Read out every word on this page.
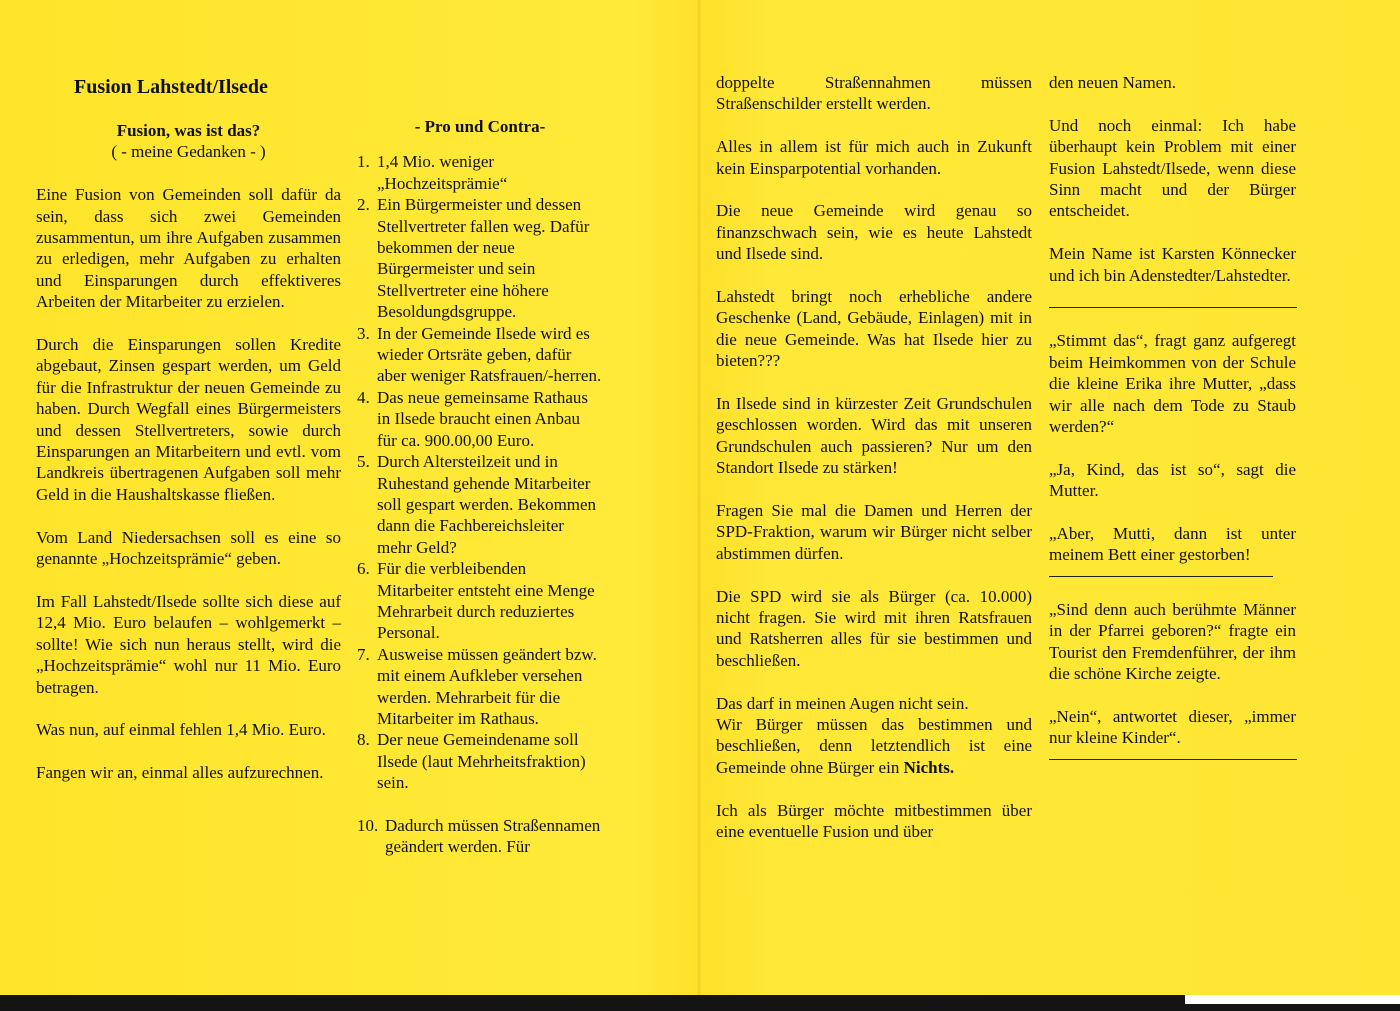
Fusion Lahstedt/Ilsede
Fusion, was ist das?
( - meine Gedanken - )

Eine Fusion von Gemeinden soll dafür da sein, dass sich zwei Gemeinden zusammentun, um ihre Aufgaben zusammen zu erledigen, mehr Aufgaben zu erhalten und Einsparungen durch effektiveres Arbeiten der Mitarbeiter zu erzielen.

Durch die Einsparungen sollen Kredite abgebaut, Zinsen gespart werden, um Geld für die Infrastruktur der neuen Gemeinde zu haben. Durch Wegfall eines Bürgermeisters und dessen Stellvertreters, sowie durch Einsparungen an Mitarbeitern und evtl. vom Landkreis übertragenen Aufgaben soll mehr Geld in die Haushaltskasse fließen.

Vom Land Niedersachsen soll es eine so genannte „Hochzeitsprämie“ geben.

Im Fall Lahstedt/Ilsede sollte sich diese auf 12,4 Mio. Euro belaufen – wohlgemerkt – sollte! Wie sich nun heraus stellt, wird die „Hochzeitsprämie“ wohl nur 11 Mio. Euro betragen.

Was nun, auf einmal fehlen 1,4 Mio. Euro.

Fangen wir an, einmal alles aufzurechnen.

- Pro und Contra-
1. 1,4 Mio. weniger „Hochzeitsprämie“
2. Ein Bürgermeister und dessen Stellvertreter fallen weg. Dafür bekommen der neue Bürgermeister und sein Stellvertreter eine höhere Besoldungdsgruppe.
3. In der Gemeinde Ilsede wird es wieder Ortsräte geben, dafür aber weniger Ratsfrauen/-herren.
4. Das neue gemeinsame Rathaus in Ilsede braucht einen Anbau für ca. 900.00,00 Euro.
5. Durch Altersteilzeit und in Ruhestand gehende Mitarbeiter soll gespart werden. Bekommen dann die Fachbereichsleiter mehr Geld?
6. Für die verbleibenden Mitarbeiter entsteht eine Menge Mehrarbeit durch reduziertes Personal.
7. Ausweise müssen geändert bzw. mit einem Aufkleber versehen werden. Mehrarbeit für die Mitarbeiter im Rathaus.
8. Der neue Gemeindename soll Ilsede (laut Mehrheitsfraktion) sein.
10. Dadurch müssen Straßennamen geändert werden. Für

doppelte Straßennahmen müssen Straßenschilder erstellt werden.

Alles in allem ist für mich auch in Zukunft kein Einsparpotential vorhanden.

Die neue Gemeinde wird genau so finanzschwach sein, wie es heute Lahstedt und Ilsede sind.

Lahstedt bringt noch erhebliche andere Geschenke (Land, Gebäude, Einlagen) mit in die neue Gemeinde. Was hat Ilsede hier zu bieten???

In Ilsede sind in kürzester Zeit Grundschulen geschlossen worden. Wird das mit unseren Grundschulen auch passieren? Nur um den Standort Ilsede zu stärken!

Fragen Sie mal die Damen und Herren der SPD-Fraktion, warum wir Bürger nicht selber abstimmen dürfen.

Die SPD wird sie als Bürger (ca. 10.000) nicht fragen. Sie wird mit ihren Ratsfrauen und Ratsherren alles für sie bestimmen und beschließen.

Das darf in meinen Augen nicht sein.
Wir Bürger müssen das bestimmen und beschließen, denn letztendlich ist eine Gemeinde ohne Bürger ein Nichts.

Ich als Bürger möchte mitbestimmen über eine eventuelle Fusion und über

den neuen Namen.

Und noch einmal: Ich habe überhaupt kein Problem mit einer Fusion Lahstedt/Ilsede, wenn diese Sinn macht und der Bürger entscheidet.

Mein Name ist Karsten Könnecker und ich bin Adenstedter/Lahstedter.

„Stimmt das“, fragt ganz aufgeregt beim Heimkommen von der Schule die kleine Erika ihre Mutter, „dass wir alle nach dem Tode zu Staub werden?“

„Ja, Kind, das ist so“, sagt die Mutter.

„Aber, Mutti, dann ist unter meinem Bett einer gestorben!

„Sind denn auch berühmte Männer in der Pfarrei geboren?“ fragte ein Tourist den Fremdenführer, der ihm die schöne Kirche zeigte.

„Nein“, antwortet dieser, „immer nur kleine Kinder“.
